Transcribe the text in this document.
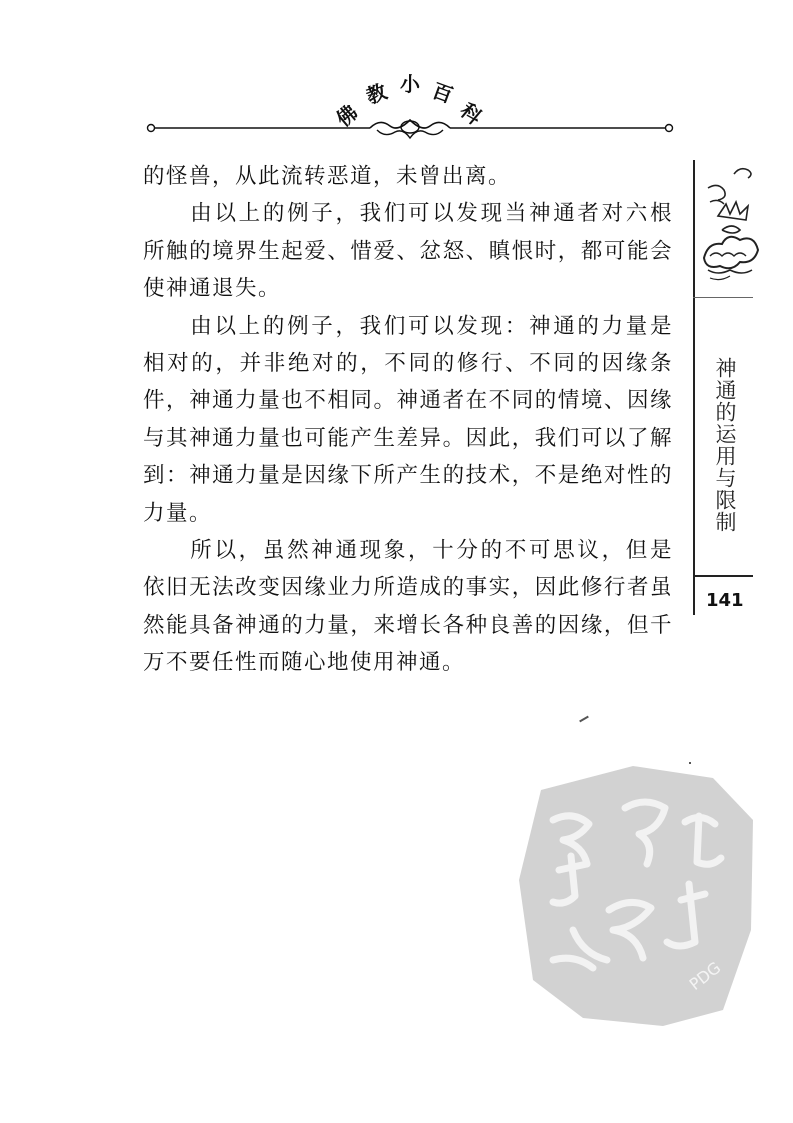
佛
教 小 百
科

的怪兽，从此流转恶道，未曾出离。

由以上的例子，我们可以发现当神通者对六根所触的境界生起爱、惜爱、忿怒、瞋恨时，都可能会使神通退失。

由以上的例子，我们可以发现：神通的力量是相对的，并非绝对的，不同的修行、不同的因缘条件，神通力量也不相同。神通者在不同的情境、因缘与其神通力量也可能产生差异。因此，我们可以了解到：神通力量是因缘下所产生的技术，不是绝对性的力量。

所以，虽然神通现象，十分的不可思议，但是依旧无法改变因缘业力所造成的事实，因此修行者虽然能具备神通的力量，来增长各种良善的因缘，但千万不要任性而随心地使用神通。

神通的运用与限制
141
PDG
